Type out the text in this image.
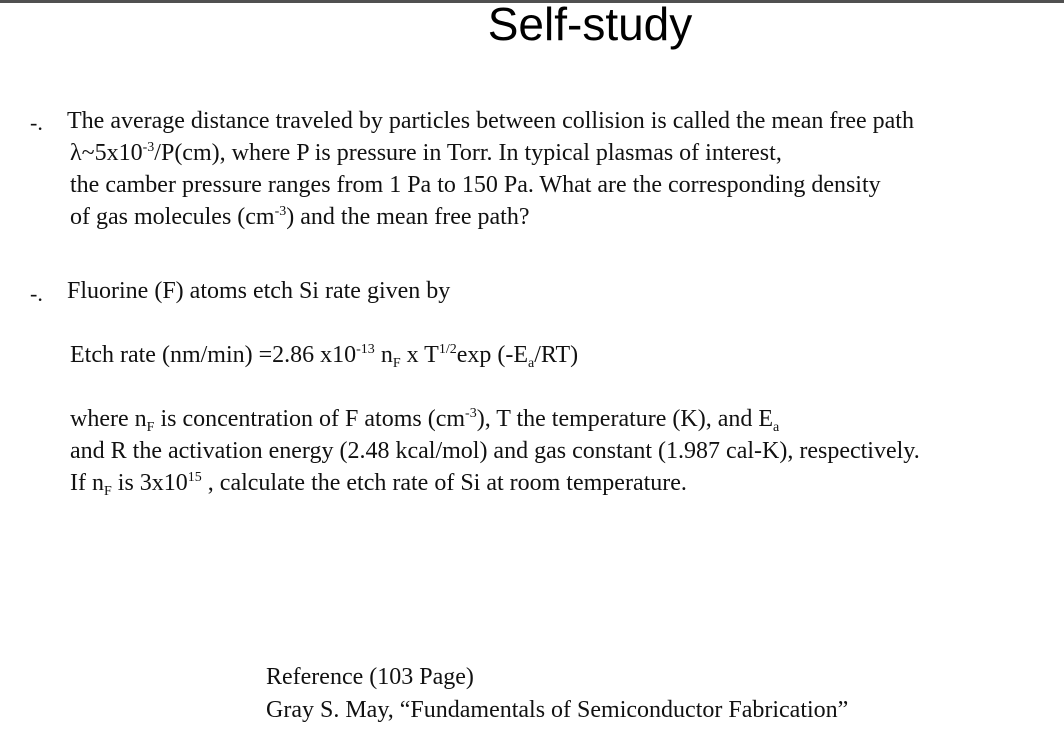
Self-study
-. The average distance traveled by particles between collision is called the mean free path
$\lambda\sim 5x10^{-3}/P(cm)$, where P is pressure in Torr. In typical plasmas of interest,
the camber pressure ranges from 1 Pa to 150 Pa. What are the corresponding density
of gas molecules $(cm^{-3})$ and the mean free path?
-. Fluorine (F) atoms etch Si rate given by
Etch rate (nm/min) =2.86 $x10^{-13}$ $n_F$ x $T^{1/2}\exp$ $(-E_a/RT)$
where $n_F$ is concentration of F atoms $(cm^{-3})$, T the temperature (K), and $E_a$
and R the activation energy (2.48 kcal/mol) and gas constant (1.987 cal-K), respectively.
If $n_F$ is $3x10^{15}$ , calculate the etch rate of Si at room temperature.
Reference (103 Page)
Gray S. May, “Fundamentals of Semiconductor Fabrication”
